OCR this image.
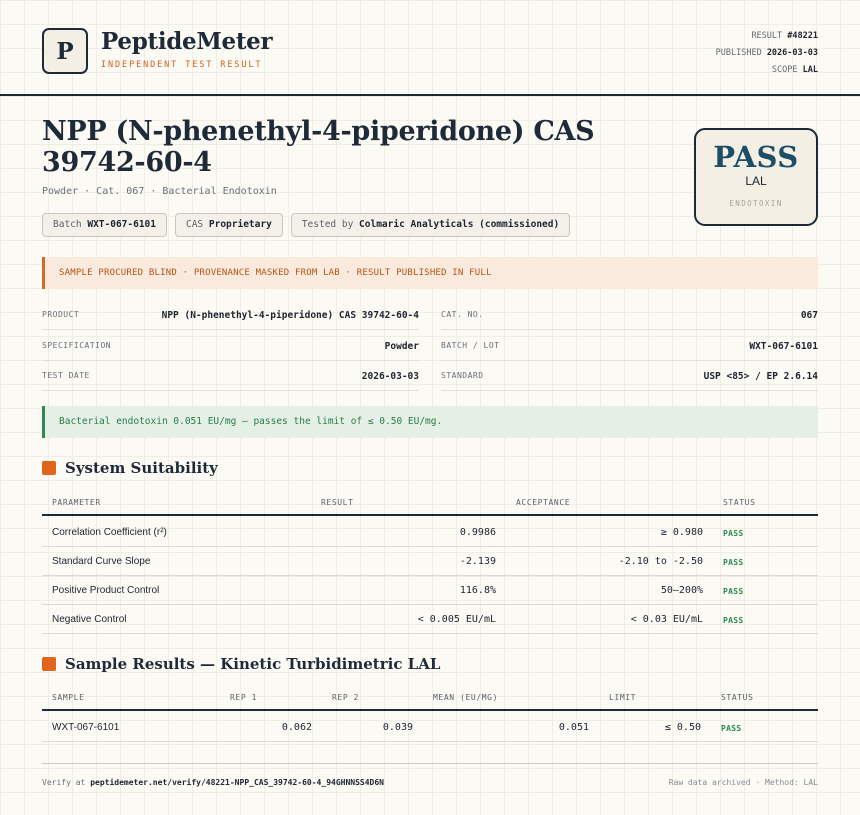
P	PeptideMeter
INDEPENDENT TEST RESULT
RESULT #48221
PUBLISHED 2026-03-03
SCOPE LAL
NPP (N-phenethyl-4-piperidone) CAS 39742-60-4
Powder · Cat. 067 · Bacterial Endotoxin
Batch WXT-067-6101	CAS Proprietary	Tested by Colmaric Analyticals (commissioned)
PASS
LAL
ENDOTOXIN
SAMPLE PROCURED BLIND · PROVENANCE MASKED FROM LAB · RESULT PUBLISHED IN FULL
PRODUCT	NPP (N-phenethyl-4-piperidone) CAS 39742-60-4
SPECIFICATION	Powder
TEST DATE	2026-03-03
CAT. NO.	067
BATCH / LOT	WXT-067-6101
STANDARD	USP <85> / EP 2.6.14
Bacterial endotoxin 0.051 EU/mg — passes the limit of ≤ 0.50 EU/mg.
System Suitability
PARAMETER	RESULT	ACCEPTANCE	STATUS
Correlation Coefficient (r²)	0.9986	≥ 0.980	PASS
Standard Curve Slope	-2.139	-2.10 to -2.50	PASS
Positive Product Control	116.8%	50–200%	PASS
Negative Control	< 0.005 EU/mL	< 0.03 EU/mL	PASS
Sample Results — Kinetic Turbidimetric LAL
SAMPLE	REP 1	REP 2	MEAN (EU/MG)	LIMIT	STATUS
WXT-067-6101	0.062	0.039	0.051	≤ 0.50	PASS
Verify at peptidemeter.net/verify/48221-NPP_CAS_39742-60-4_94GHNNSS4D6N	Raw data archived · Method: LAL
